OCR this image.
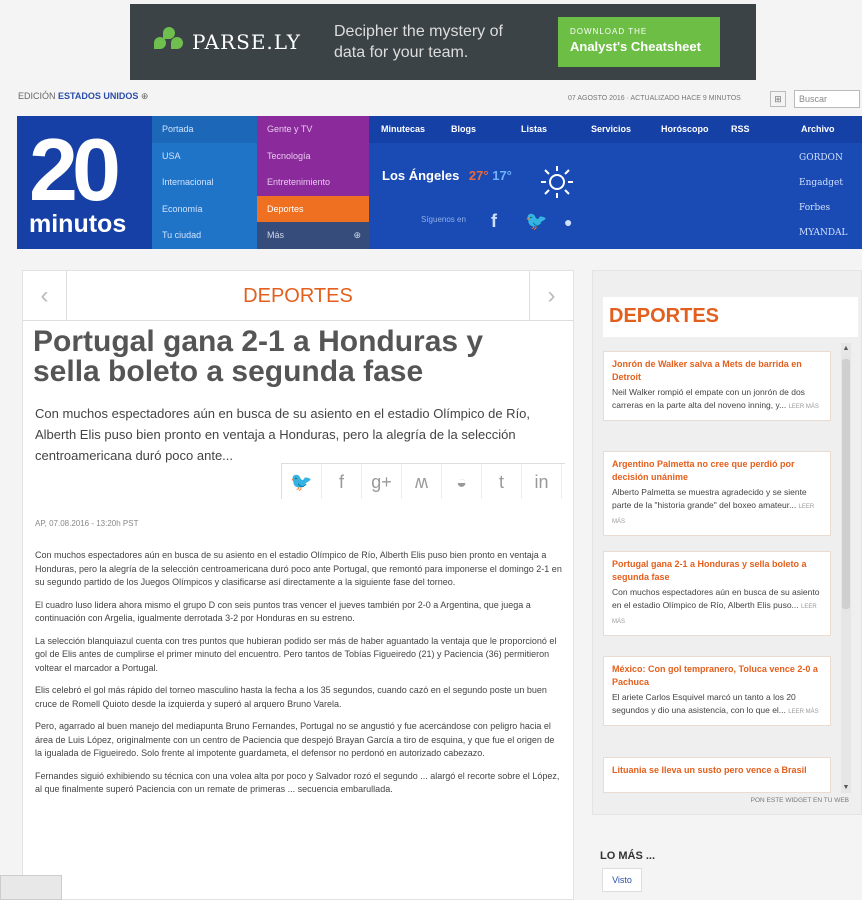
PARSE.LY Decipher the mystery of data for your team.
DOWNLOAD THE
Analyst's Cheatsheet
EDICIÓN ESTADOS UNIDOS ⊕	07 AGOSTO 2016 · ACTUALIZADO HACE 9 MINUTOS	⊞	Buscar
20
minutos
Portada
USA
Internacional
Economía
Tu ciudad
Gente y TV
Tecnología
Entretenimiento
Deportes
Más	⊕
Minutecas	Blogs	Listas	Servicios	Horóscopo	RSS	Archivo
Los Ángeles 27° 17°
Síguenos en f 🐦 ●
GORDON
Engadget
Forbes
MYANDAL
‹	DEPORTES	›
Portugal gana 2-1 a Honduras y sella boleto a segunda fase
Con muchos espectadores aún en busca de su asiento en el estadio Olímpico de Río, Alberth Elis puso bien pronto en ventaja a Honduras, pero la alegría de la selección centroamericana duró poco ante...
🐦	f	g+	ʍ	◒	t	in
AP, 07.08.2016 - 13:20h PST

Con muchos espectadores aún en busca de su asiento en el estadio Olímpico de Río, Alberth Elis puso bien pronto en ventaja a Honduras, pero la alegría de la selección centroamericana duró poco ante Portugal, que remontó para imponerse el domingo 2-1 en su segundo partido de los Juegos Olímpicos y clasificarse así directamente a la siguiente fase del torneo.

El cuadro luso lidera ahora mismo el grupo D con seis puntos tras vencer el jueves también por 2-0 a Argentina, que juega a continuación con Argelia, igualmente derrotada 3-2 por Honduras en su estreno.

La selección blanquiazul cuenta con tres puntos que hubieran podido ser más de haber aguantado la ventaja que le proporcionó el gol de Elis antes de cumplirse el primer minuto del encuentro. Pero tantos de Tobías Figueiredo (21) y Paciencia (36) permitieron voltear el marcador a Portugal.

Elis celebró el gol más rápido del torneo masculino hasta la fecha a los 35 segundos, cuando cazó en el segundo poste un buen cruce de Romell Quioto desde la izquierda y superó al arquero Bruno Varela.

Pero, agarrado al buen manejo del mediapunta Bruno Fernandes, Portugal no se angustió y fue acercándose con peligro hacia el área de Luis López, originalmente con un centro de Paciencia que despejó Brayan García a tiro de esquina, y que fue el origen de la igualada de Figueiredo. Solo frente al impotente guardameta, el defensor no perdonó en autorizado cabezazo.

Fernandes siguió exhibiendo su técnica con una volea alta por poco y Salvador rozó el segundo ... alargó el recorte sobre el López, al que finalmente superó Paciencia con un remate de primeras ... secuencia embarullada.

DEPORTES
Jonrón de Walker salva a Mets de barrida en Detroit
Neil Walker rompió el empate con un jonrón de dos carreras en la parte alta del noveno inning, y... LEER MÁS
Argentino Palmetta no cree que perdió por decisión unánime
Alberto Palmetta se muestra agradecido y se siente parte de la "historia grande" del boxeo amateur... LEER MÁS
Portugal gana 2-1 a Honduras y sella boleto a segunda fase
Con muchos espectadores aún en busca de su asiento en el estadio Olímpico de Río, Alberth Elis puso... LEER MÁS
México: Con gol tempranero, Toluca vence 2-0 a Pachuca
El ariete Carlos Esquivel marcó un tanto a los 20 segundos y dio una asistencia, con lo que el... LEER MÁS
Lituania se lleva un susto pero vence a Brasil
▲
▼
PON ESTE WIDGET EN TU WEB
LO MÁS ...
Visto
